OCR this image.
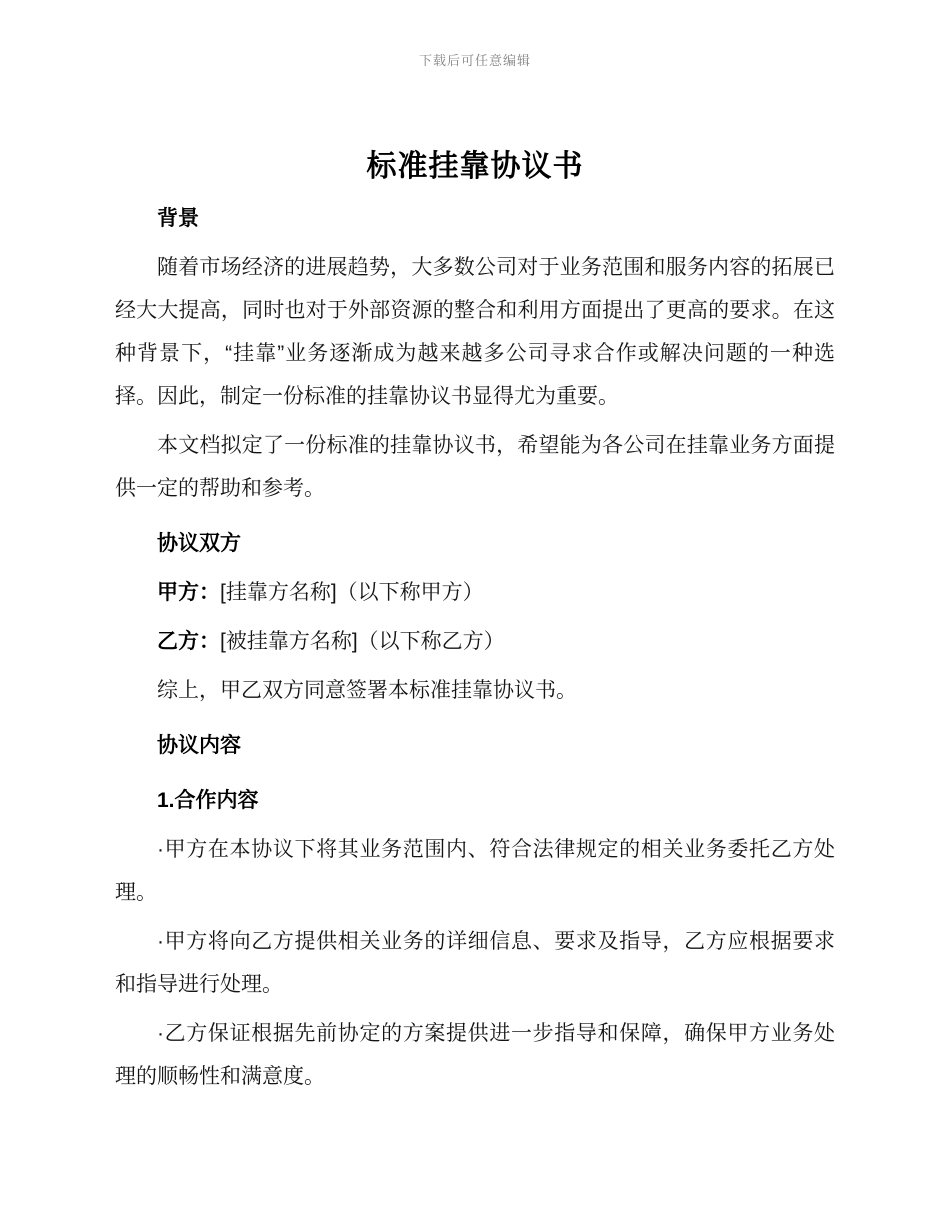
下载后可任意编辑
标准挂靠协议书
背景

随着市场经济的进展趋势，大多数公司对于业务范围和服务内容的拓展已经大大提高，同时也对于外部资源的整合和利用方面提出了更高的要求。在这种背景下，“挂靠”业务逐渐成为越来越多公司寻求合作或解决问题的一种选择。因此，制定一份标准的挂靠协议书显得尤为重要。

本文档拟定了一份标准的挂靠协议书，希望能为各公司在挂靠业务方面提供一定的帮助和参考。

协议双方

甲方：[挂靠方名称]（以下称甲方）

乙方：[被挂靠方名称]（以下称乙方）

综上，甲乙双方同意签署本标准挂靠协议书。

协议内容
1.合作内容

·甲方在本协议下将其业务范围内、符合法律规定的相关业务委托乙方处理。

·甲方将向乙方提供相关业务的详细信息、要求及指导，乙方应根据要求和指导进行处理。

·乙方保证根据先前协定的方案提供进一步指导和保障，确保甲方业务处理的顺畅性和满意度。
